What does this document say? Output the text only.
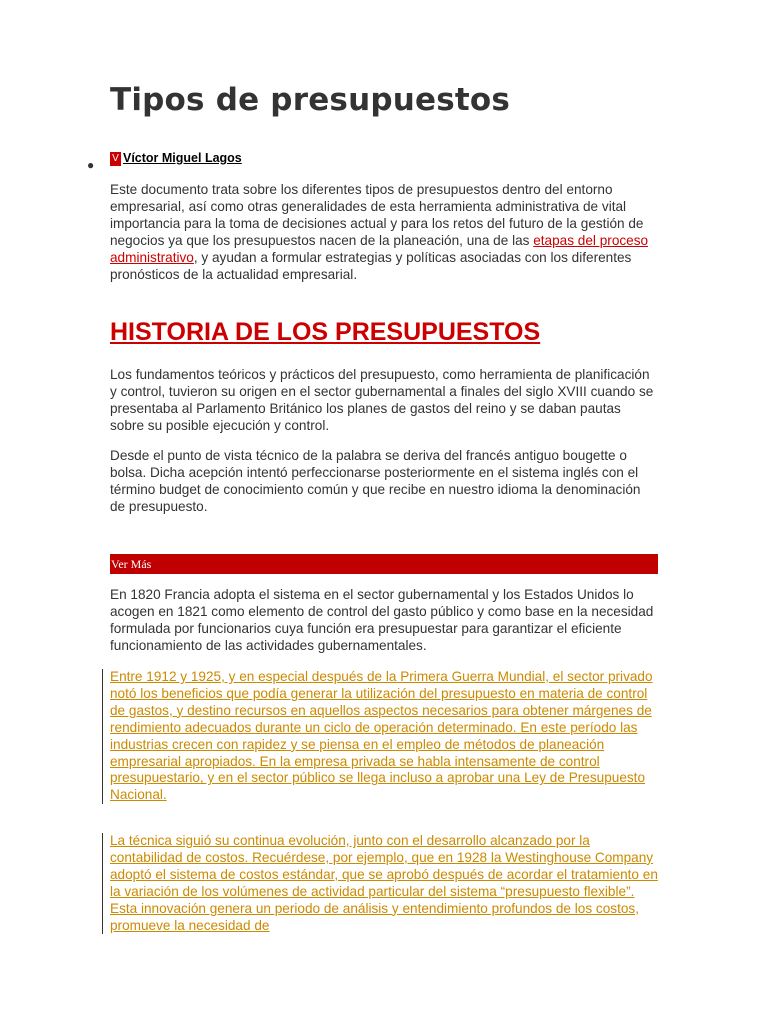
Tipos de presupuestos
● V Víctor Miguel Lagos

Este documento trata sobre los diferentes tipos de presupuestos dentro del entorno empresarial, así como otras generalidades de esta herramienta administrativa de vital importancia para la toma de decisiones actual y para los retos del futuro de la gestión de negocios ya que los presupuestos nacen de la planeación, una de las etapas del proceso administrativo, y ayudan a formular estrategias y políticas asociadas con los diferentes pronósticos de la actualidad empresarial.

HISTORIA DE LOS PRESUPUESTOS

Los fundamentos teóricos y prácticos del presupuesto, como herramienta de planificación y control, tuvieron su origen en el sector gubernamental a finales del siglo XVIII cuando se presentaba al Parlamento Británico los planes de gastos del reino y se daban pautas sobre su posible ejecución y control.

Desde el punto de vista técnico de la palabra se deriva del francés antiguo bougette o bolsa. Dicha acepción intentó perfeccionarse posteriormente en el sistema inglés con el término budget de conocimiento común y que recibe en nuestro idioma la denominación de presupuesto.

Ver Más

En 1820 Francia adopta el sistema en el sector gubernamental y los Estados Unidos lo acogen en 1821 como elemento de control del gasto público y como base en la necesidad formulada por funcionarios cuya función era presupuestar para garantizar el eficiente funcionamiento de las actividades gubernamentales.

Entre 1912 y 1925, y en especial después de la Primera Guerra Mundial, el sector privado notó los beneficios que podía generar la utilización del presupuesto en materia de control de gastos, y destino recursos en aquellos aspectos necesarios para obtener márgenes de rendimiento adecuados durante un ciclo de operación determinado. En este período las industrias crecen con rapidez y se piensa en el empleo de métodos de planeación empresarial apropiados. En la empresa privada se habla intensamente de control presupuestario, y en el sector público se llega incluso a aprobar una Ley de Presupuesto Nacional.
La técnica siguió su continua evolución, junto con el desarrollo alcanzado por la contabilidad de costos. Recuérdese, por ejemplo, que en 1928 la Westinghouse Company adoptó el sistema de costos estándar, que se aprobó después de acordar el tratamiento en la variación de los volúmenes de actividad particular del sistema “presupuesto flexible”. Esta innovación genera un periodo de análisis y entendimiento profundos de los costos, promueve la necesidad de
